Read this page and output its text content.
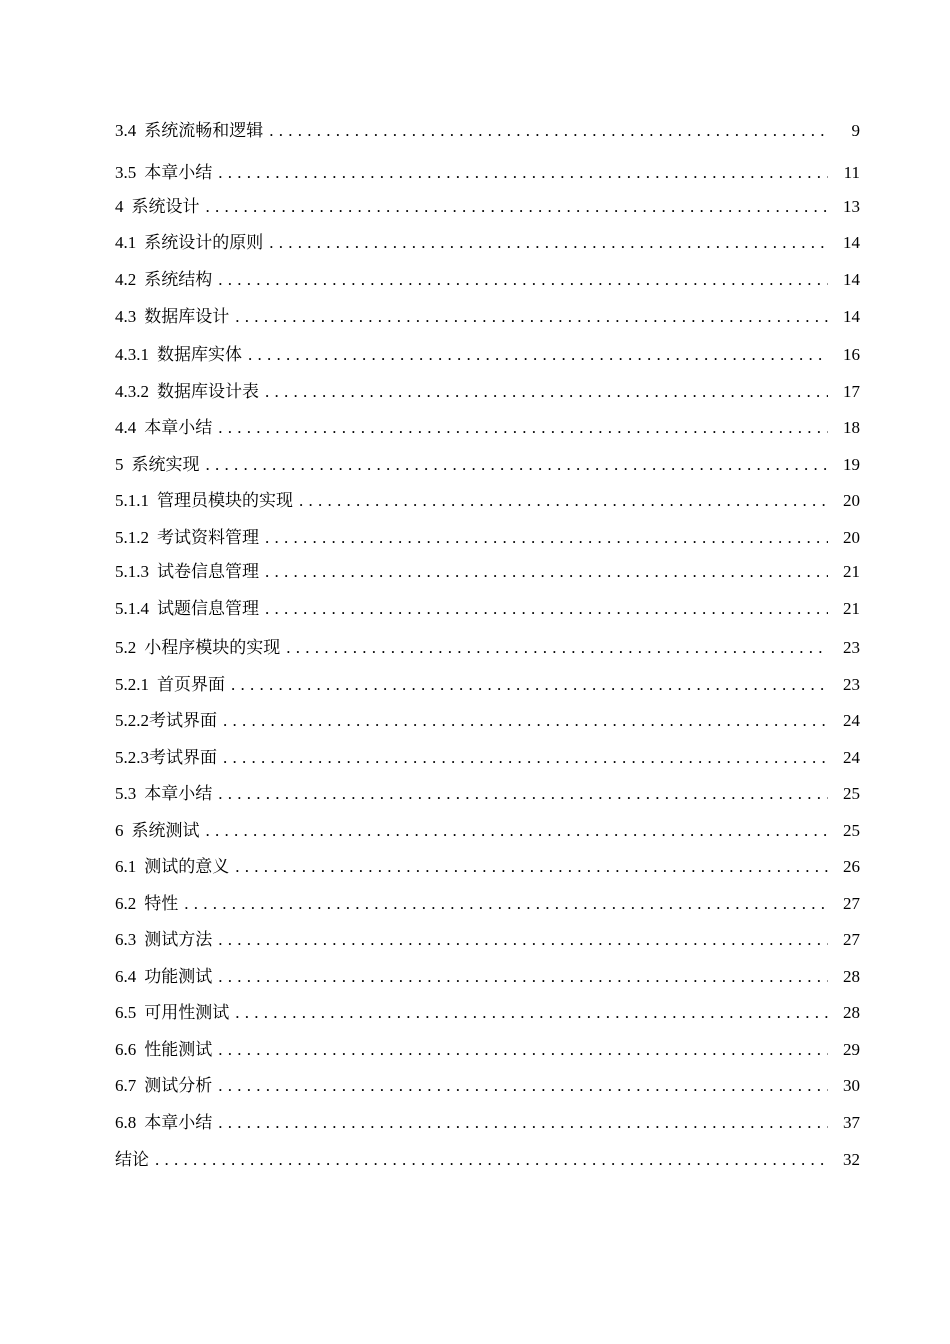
3.4 系统流畅和逻辑 . . .	9
3.5 本章小结 . . .	11
4 系统设计 . . .	13
4.1 系统设计的原则 . . .	14
4.2 系统结构 . . .	14
4.3 数据库设计 . . .	14
4.3.1 数据库实体 . . .	16
4.3.2 数据库设计表 . . .	17
4.4 本章小结 . . .	18
5 系统实现 . . .	19
5.1.1 管理员模块的实现 . . .	20
5.1.2 考试资料管理 . . .	20
5.1.3 试卷信息管理 . . .	21
5.1.4 试题信息管理 . . .	21
5.2 小程序模块的实现 . . .	23
5.2.1 首页界面 . . .	23
5.2.2 考试界面 . . .	24
5.2.3 考试界面 . . .	24
5.3 本章小结 . . .	25
6 系统测试 . . .	25
6.1 测试的意义 . . .	26
6.2 特性 . . .	27
6.3 测试方法 . . .	27
6.4 功能测试 . . .	28
6.5 可用性测试 . . .	28
6.6 性能测试 . . .	29
6.7 测试分析 . . .	30
6.8 本章小结 . . .	37
结论 . . .	32
